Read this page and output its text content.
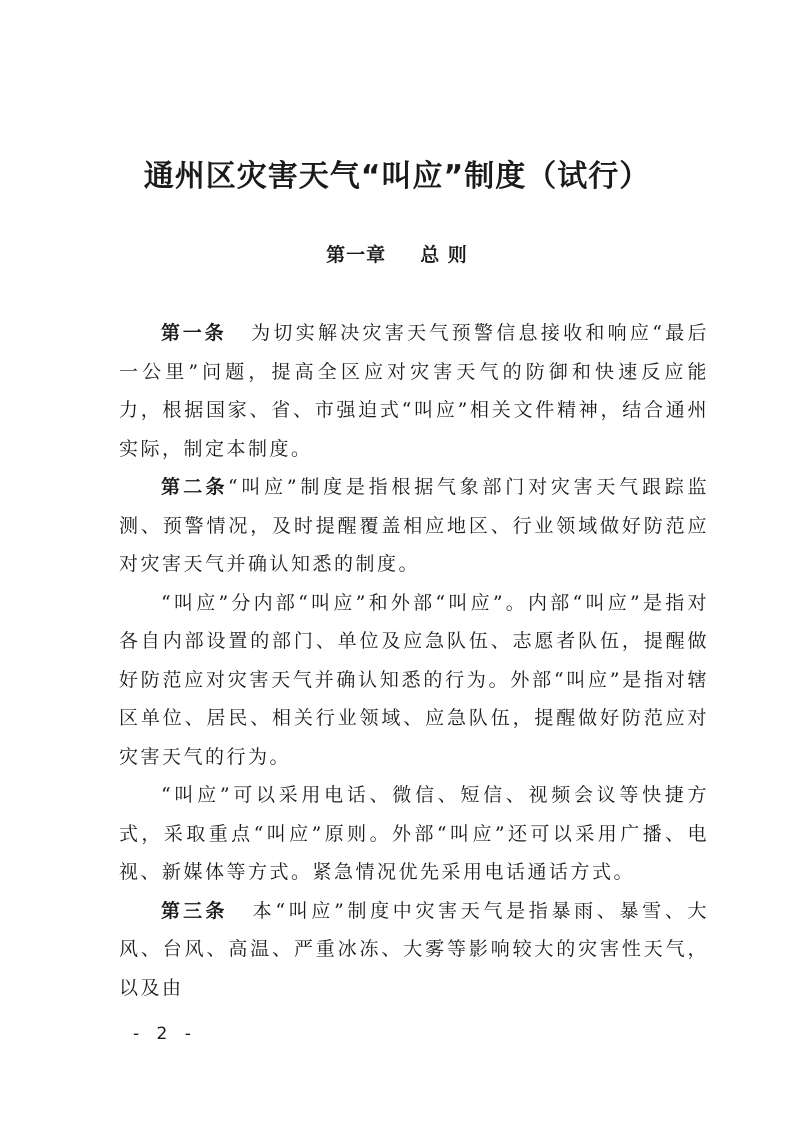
通州区灾害天气“叫应”制度（试行）
第一章 总 则

第一条 为切实解决灾害天气预警信息接收和响应“最后一公里”问题，提高全区应对灾害天气的防御和快速反应能力，根据国家、省、市强迫式“叫应”相关文件精神，结合通州实际，制定本制度。

第二条“叫应”制度是指根据气象部门对灾害天气跟踪监测、预警情况，及时提醒覆盖相应地区、行业领域做好防范应对灾害天气并确认知悉的制度。

“叫应”分内部“叫应”和外部“叫应”。内部“叫应”是指对各自内部设置的部门、单位及应急队伍、志愿者队伍，提醒做好防范应对灾害天气并确认知悉的行为。外部“叫应”是指对辖区单位、居民、相关行业领域、应急队伍，提醒做好防范应对灾害天气的行为。

“叫应”可以采用电话、微信、短信、视频会议等快捷方式，采取重点“叫应”原则。外部“叫应”还可以采用广播、电视、新媒体等方式。紧急情况优先采用电话通话方式。

第三条 本“叫应”制度中灾害天气是指暴雨、暴雪、大风、台风、高温、严重冰冻、大雾等影响较大的灾害性天气，以及由

- 2 -
